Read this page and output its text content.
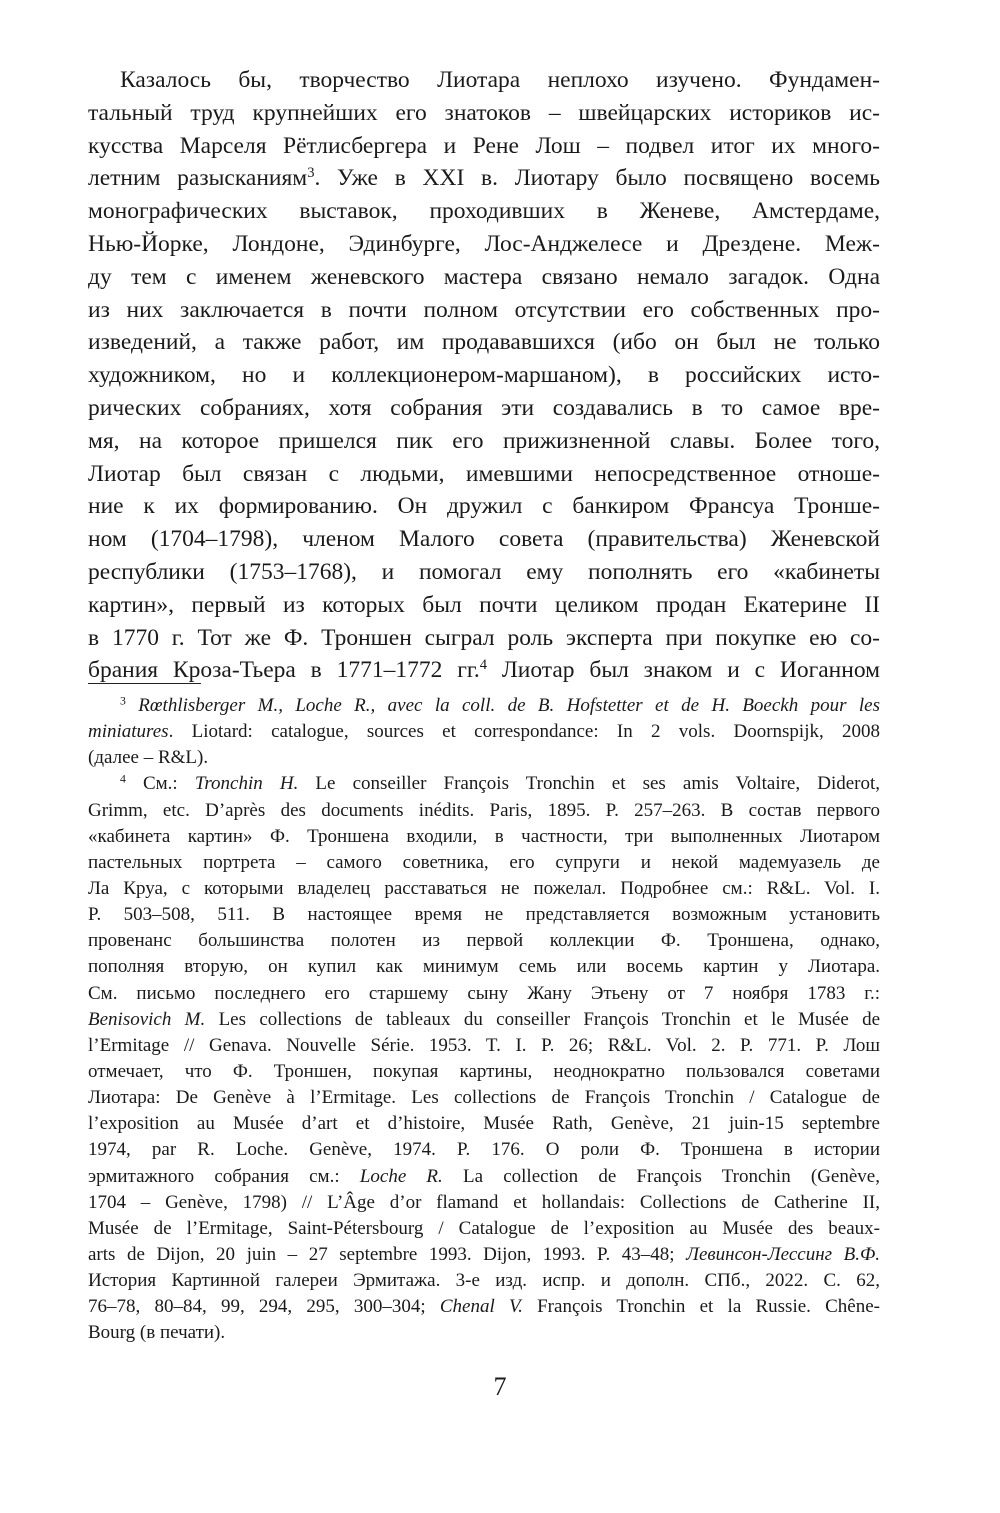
Казалось бы, творчество Лиотара неплохо изучено. Фундамен-
тальный труд крупнейших его знатоков – швейцарских историков ис-
кусства Марселя Рётлисбергера и Рене Лош – подвел итог их много-
летним разысканиям$^3$. Уже в XXI в. Лиотару было посвящено восемь
монографических выставок, проходивших в Женеве, Амстердаме,
Нью-Йорке, Лондоне, Эдинбурге, Лос-Анджелесе и Дрездене. Меж-
ду тем с именем женевского мастера связано немало загадок. Одна
из них заключается в почти полном отсутствии его собственных про-
изведений, а также работ, им продававшихся (ибо он был не только
художником, но и коллекционером-маршаном), в российских исто-
рических собраниях, хотя собрания эти создавались в то самое вре-
мя, на которое пришелся пик его прижизненной славы. Более того,
Лиотар был связан с людьми, имевшими непосредственное отноше-
ние к их формированию. Он дружил с банкиром Франсуа Троншe-
ном (1704–1798), членом Малого совета (правительства) Женевской
республики (1753–1768), и помогал ему пополнять его «кабинеты
картин», первый из которых был почти целиком продан Екатерине II
в 1770 г. Тот же Ф. Троншен сыграл роль эксперта при покупке ею со-
брания Кроза-Тьера в 1771–1772 гг.$^4$ Лиотар был знаком и с Иоганном
$^3$ Rœthlisberger M., Loche R., avec la coll. de B. Hofstetter et de H. Boeckh pour les
miniatures. Liotard: catalogue, sources et correspondance: In 2 vols. Doornspijk, 2008
(далее – R&L).
$^4$ См.: Tronchin H. Le conseiller François Tronchin et ses amis Voltaire, Diderot,
Grimm, etc. D’après des documents inédits. Paris, 1895. P. 257–263. В состав первого
«кабинета картин» Ф. Троншена входили, в частности, три выполненных Лиотаром
пастельных портрета – самого советника, его супруги и некой мадемуазель де
Ла Круа, с которыми владелец расставаться не пожелал. Подробнее см.: R&L. Vol. I.
P. 503–508, 511. В настоящее время не представляется возможным установить
провенанс большинства полотен из первой коллекции Ф. Троншена, однако,
пополняя вторую, он купил как минимум семь или восемь картин у Лиотара.
См. письмо последнего его старшему сыну Жану Этьену от 7 ноября 1783 г.:
Benisovich M. Les collections de tableaux du conseiller François Tronchin et le Musée de
l’Ermitage // Genava. Nouvelle Série. 1953. T. I. P. 26; R&L. Vol. 2. P. 771. P. Лош
отмечает, что Ф. Троншен, покупая картины, неоднократно пользовался советами
Лиотара: De Genève à l’Ermitage. Les collections de François Tronchin / Catalogue de
l’exposition au Musée d’art et d’histoire, Musée Rath, Genève, 21 juin-15 septembre
1974, par R. Loche. Genève, 1974. P. 176. О роли Ф. Троншена в истории
эрмитажного собрания см.: Loche R. La collection de François Tronchin (Genève,
1704 – Genève, 1798) // L’Âge d’or flamand et hollandais: Collections de Catherine II,
Musée de l’Ermitage, Saint-Pétersbourg / Catalogue de l’exposition au Musée des beaux-
arts de Dijon, 20 juin – 27 septembre 1993. Dijon, 1993. P. 43–48; Левинсон-Лессинг В.Ф.
История Картинной галереи Эрмитажа. 3-е изд. испр. и дополн. СПб., 2022. С. 62,
76–78, 80–84, 99, 294, 295, 300–304; Chenal V. François Tronchin et la Russie. Chêne-
Bourg (в печати).
7
